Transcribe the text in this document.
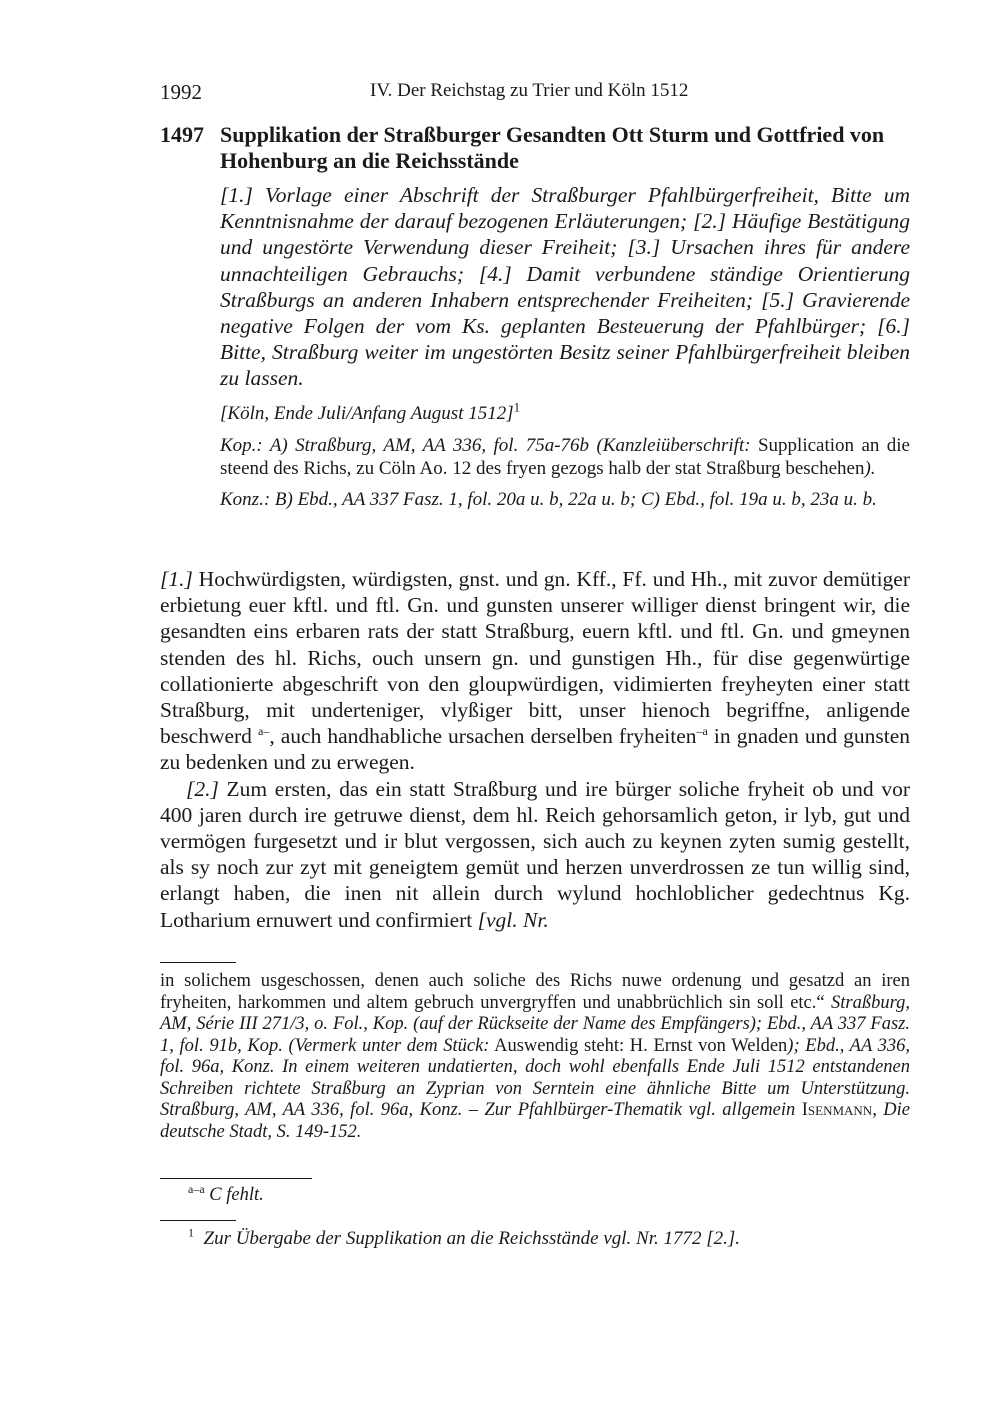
1992	IV. Der Reichstag zu Trier und Köln 1512
1497 Supplikation der Straßburger Gesandten Ott Sturm und Gottfried von Hohenburg an die Reichsstände
[1.] Vorlage einer Abschrift der Straßburger Pfahlbürgerfreiheit, Bitte um Kenntnisnahme der darauf bezogenen Erläuterungen; [2.] Häufige Bestätigung und ungestörte Verwendung dieser Freiheit; [3.] Ursachen ihres für andere unnachteiligen Gebrauchs; [4.] Damit verbundene ständige Orientierung Straßburgs an anderen Inhabern entsprechender Freiheiten; [5.] Gravierende negative Folgen der vom Ks. geplanten Besteuerung der Pfahlbürger; [6.] Bitte, Straßburg weiter im ungestörten Besitz seiner Pfahlbürgerfreiheit bleiben zu lassen.
[Köln, Ende Juli/Anfang August 1512]$^1$
Kop.: A) Straßburg, AM, AA 336, fol. 75a-76b (Kanzleiüberschrift: Supplication an die steend des Richs, zu Cöln Ao. 12 des fryen gezogs halb der stat Straßburg beschehen).
Konz.: B) Ebd., AA 337 Fasz. 1, fol. 20a u. b, 22a u. b; C) Ebd., fol. 19a u. b, 23a u. b.

[1.] Hochwürdigsten, würdigsten, gnst. und gn. Kff., Ff. und Hh., mit zuvor demütiger erbietung euer kftl. und ftl. Gn. und gunsten unserer williger dienst bringent wir, die gesandten eins erbaren rats der statt Straßburg, euern kftl. und ftl. Gn. und gmeynen stenden des hl. Richs, ouch unsern gn. und gunstigen Hh., für dise gegenwürtige collationierte abgeschrift von den gloupwürdigen, vidimierten freyheyten einer statt Straßburg, mit underteniger, vlyßiger bitt, unser hienoch begriffne, anligende beschwerd $^{a-}$, auch handhabliche ursachen derselben fryheiten$^{-a}$ in gnaden und gunsten zu bedenken und zu erwegen.

[2.] Zum ersten, das ein statt Straßburg und ire bürger soliche fryheit ob und vor 400 jaren durch ire getruwe dienst, dem hl. Reich gehorsamlich geton, ir lyb, gut und vermögen furgesetzt und ir blut vergossen, sich auch zu keynen zyten sumig gestellt, als sy noch zur zyt mit geneigtem gemüt und herzen unverdrossen ze tun willig sind, erlangt haben, die inen nit allein durch wylund hochloblicher gedechtnus Kg. Lotharium ernuwert und confirmiert [vgl. Nr.

in solichem usgeschossen, denen auch soliche des Richs nuwe ordenung und gesatzd an iren fryheiten, harkommen und altem gebruch unvergryffen und unabbrüchlich sin soll etc.“ Straßburg, AM, Série III 271/3, o. Fol., Kop. (auf der Rückseite der Name des Empfängers); Ebd., AA 337 Fasz. 1, fol. 91b, Kop. (Vermerk unter dem Stück: Auswendig steht: H. Ernst von Welden); Ebd., AA 336, fol. 96a, Konz. In einem weiteren undatierten, doch wohl ebenfalls Ende Juli 1512 entstandenen Schreiben richtete Straßburg an Zyprian von Serntein eine ähnliche Bitte um Unterstützung. Straßburg, AM, AA 336, fol. 96a, Konz. – Zur Pfahlbürger-Thematik vgl. allgemein Isenmann, Die deutsche Stadt, S. 149-152.
$^{a-a}$ C fehlt.
$^1$ Zur Übergabe der Supplikation an die Reichsstände vgl. Nr. 1772 [2.].
